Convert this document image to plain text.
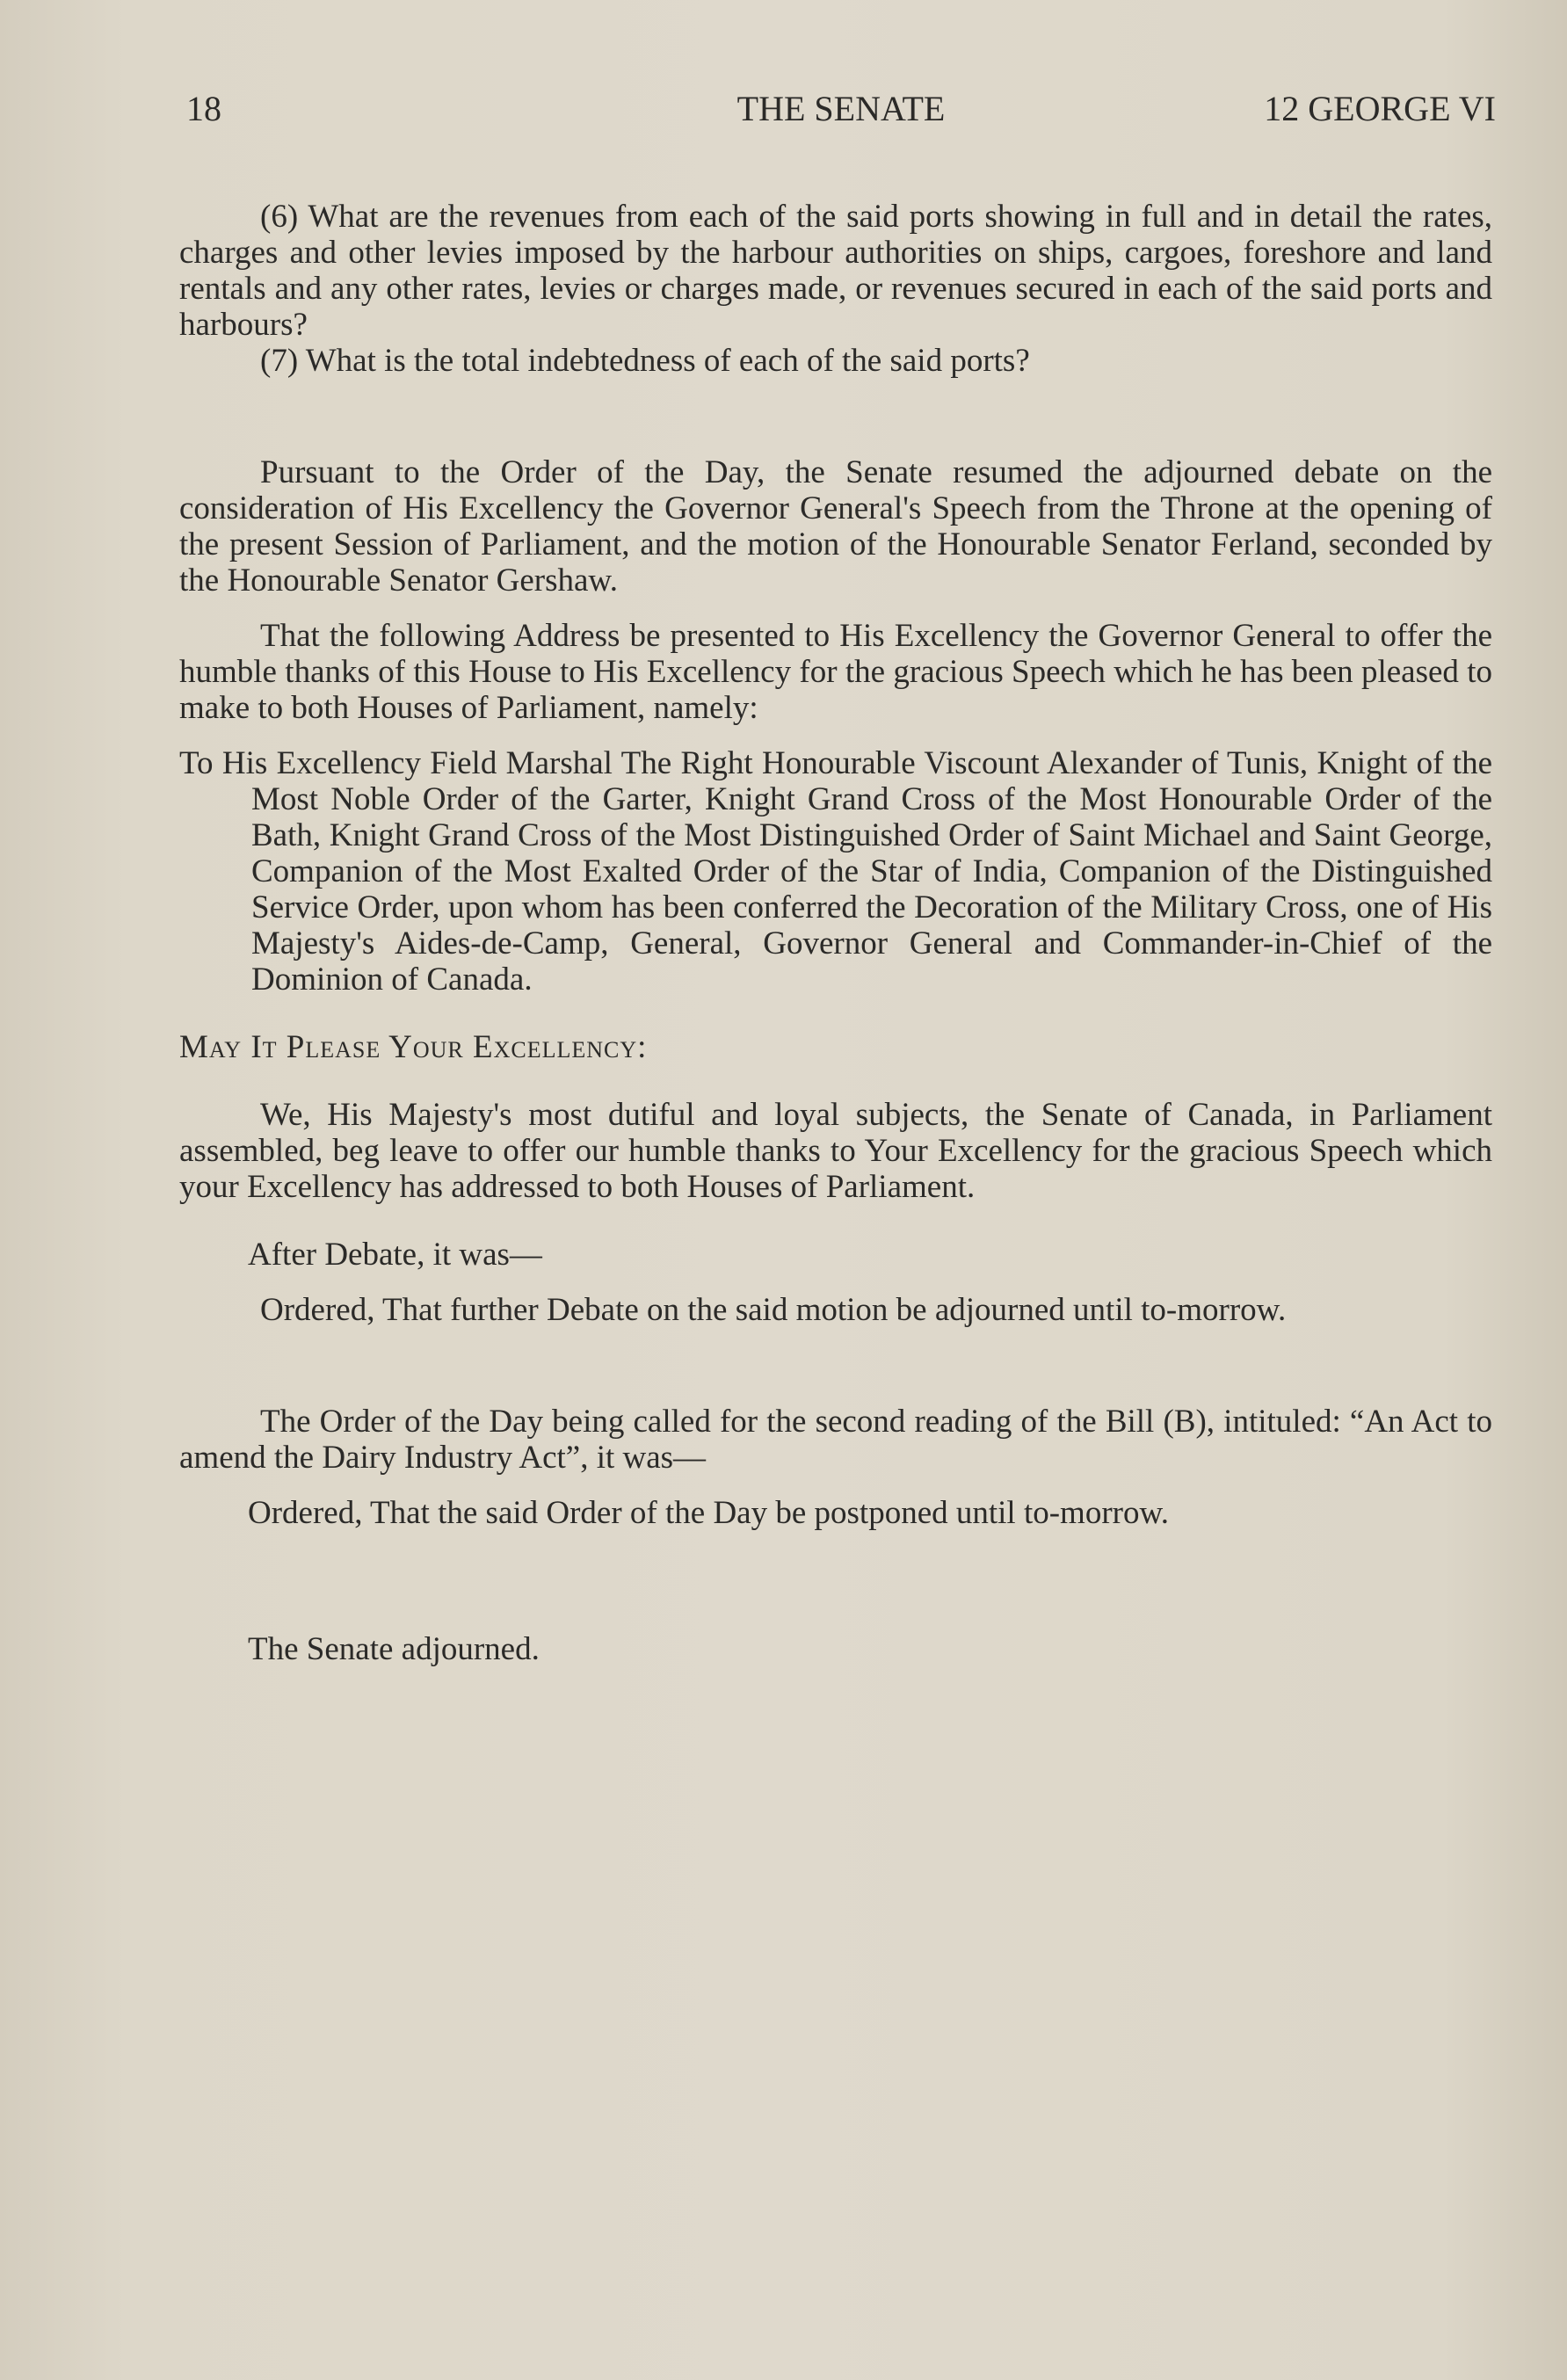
18	THE SENATE	12 GEORGE VI

(6) What are the revenues from each of the said ports showing in full and in detail the rates, charges and other levies imposed by the harbour authorities on ships, cargoes, foreshore and land rentals and any other rates, levies or charges made, or revenues secured in each of the said ports and harbours?

(7) What is the total indebtedness of each of the said ports?

Pursuant to the Order of the Day, the Senate resumed the adjourned debate on the consideration of His Excellency the Governor General's Speech from the Throne at the opening of the present Session of Parliament, and the motion of the Honourable Senator Ferland, seconded by the Honourable Senator Gershaw.

That the following Address be presented to His Excellency the Governor General to offer the humble thanks of this House to His Excellency for the gracious Speech which he has been pleased to make to both Houses of Parliament, namely:

To His Excellency Field Marshal The Right Honourable Viscount Alexander of Tunis, Knight of the Most Noble Order of the Garter, Knight Grand Cross of the Most Honourable Order of the Bath, Knight Grand Cross of the Most Distinguished Order of Saint Michael and Saint George, Companion of the Most Exalted Order of the Star of India, Companion of the Distinguished Service Order, upon whom has been conferred the Decoration of the Military Cross, one of His Majesty's Aides-de-Camp, General, Governor General and Commander-in-Chief of the Dominion of Canada.

May It Please Your Excellency:

We, His Majesty's most dutiful and loyal subjects, the Senate of Canada, in Parliament assembled, beg leave to offer our humble thanks to Your Excellency for the gracious Speech which your Excellency has addressed to both Houses of Parliament.

After Debate, it was—

Ordered, That further Debate on the said motion be adjourned until to-morrow.

The Order of the Day being called for the second reading of the Bill (B), intituled: “An Act to amend the Dairy Industry Act”, it was—

Ordered, That the said Order of the Day be postponed until to-morrow.

The Senate adjourned.
